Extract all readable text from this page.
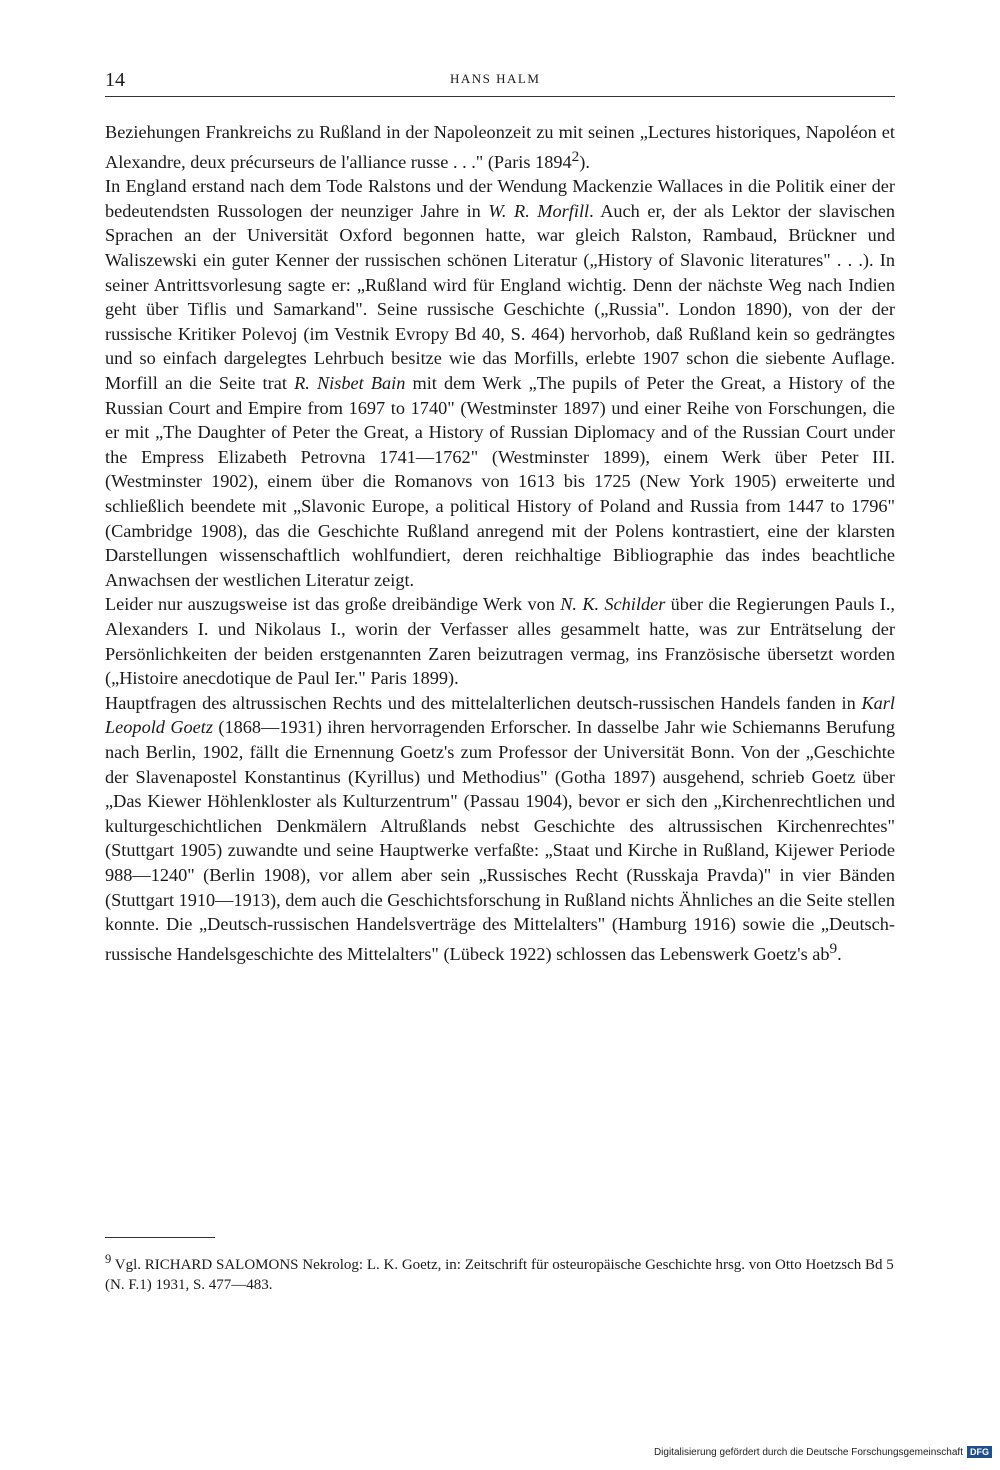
14	HANS HALM

Beziehungen Frankreichs zu Rußland in der Napoleonzeit zu mit seinen „Lectures historiques, Napoléon et Alexandre, deux précurseurs de l'alliance russe . . ." (Paris 1894$^2$).

In England erstand nach dem Tode Ralstons und der Wendung Mackenzie Wallaces in die Politik einer der bedeutendsten Russologen der neunziger Jahre in W. R. Morfill. Auch er, der als Lektor der slavischen Sprachen an der Universität Oxford begonnen hatte, war gleich Ralston, Rambaud, Brückner und Waliszewski ein guter Kenner der russischen schönen Literatur („History of Slavonic literatures" . . .). In seiner Antrittsvorlesung sagte er: „Rußland wird für England wichtig. Denn der nächste Weg nach Indien geht über Tiflis und Samarkand". Seine russische Geschichte („Russia". London 1890), von der der russische Kritiker Polevoj (im Vestnik Evropy Bd 40, S. 464) hervorhob, daß Rußland kein so gedrängtes und so einfach dargelegtes Lehrbuch besitze wie das Morfills, erlebte 1907 schon die siebente Auflage. Morfill an die Seite trat R. Nisbet Bain mit dem Werk „The pupils of Peter the Great, a History of the Russian Court and Empire from 1697 to 1740" (Westminster 1897) und einer Reihe von Forschungen, die er mit „The Daughter of Peter the Great, a History of Russian Diplomacy and of the Russian Court under the Empress Elizabeth Petrovna 1741—1762" (Westminster 1899), einem Werk über Peter III. (Westminster 1902), einem über die Romanovs von 1613 bis 1725 (New York 1905) erweiterte und schließlich beendete mit „Slavonic Europe, a political History of Poland and Russia from 1447 to 1796" (Cambridge 1908), das die Geschichte Rußland anregend mit der Polens kontrastiert, eine der klarsten Darstellungen wissenschaftlich wohlfundiert, deren reichhaltige Bibliographie das indes beachtliche Anwachsen der westlichen Literatur zeigt.

Leider nur auszugsweise ist das große dreibändige Werk von N. K. Schilder über die Regierungen Pauls I., Alexanders I. und Nikolaus I., worin der Verfasser alles gesammelt hatte, was zur Enträtselung der Persönlichkeiten der beiden erstgenannten Zaren beizutragen vermag, ins Französische übersetzt worden („Histoire anecdotique de Paul Ier." Paris 1899).

Hauptfragen des altrussischen Rechts und des mittelalterlichen deutsch-russischen Handels fanden in Karl Leopold Goetz (1868—1931) ihren hervorragenden Erforscher. In dasselbe Jahr wie Schiemanns Berufung nach Berlin, 1902, fällt die Ernennung Goetz's zum Professor der Universität Bonn. Von der „Geschichte der Slavenapostel Konstantinus (Kyrillus) und Methodius" (Gotha 1897) ausgehend, schrieb Goetz über „Das Kiewer Höhlenkloster als Kulturzentrum" (Passau 1904), bevor er sich den „Kirchenrechtlichen und kulturgeschichtlichen Denkmälern Altrußlands nebst Geschichte des altrussischen Kirchenrechtes" (Stuttgart 1905) zuwandte und seine Hauptwerke verfaßte: „Staat und Kirche in Rußland, Kijewer Periode 988—1240" (Berlin 1908), vor allem aber sein „Russisches Recht (Russkaja Pravda)" in vier Bänden (Stuttgart 1910—1913), dem auch die Geschichtsforschung in Rußland nichts Ähnliches an die Seite stellen konnte. Die „Deutsch-russischen Handelsverträge des Mittelalters" (Hamburg 1916) sowie die „Deutsch-russische Handelsgeschichte des Mittelalters" (Lübeck 1922) schlossen das Lebenswerk Goetz's $ab^9$.

$^9$ Vgl. RICHARD SALOMONS Nekrolog: L. K. Goetz, in: Zeitschrift für osteuropäische Geschichte hrsg. von Otto Hoetzsch Bd 5 (N. F.1) 1931, S. 477—483.

Digitalisierung gefördert durch die Deutsche Forschungsgemeinschaft DFG
